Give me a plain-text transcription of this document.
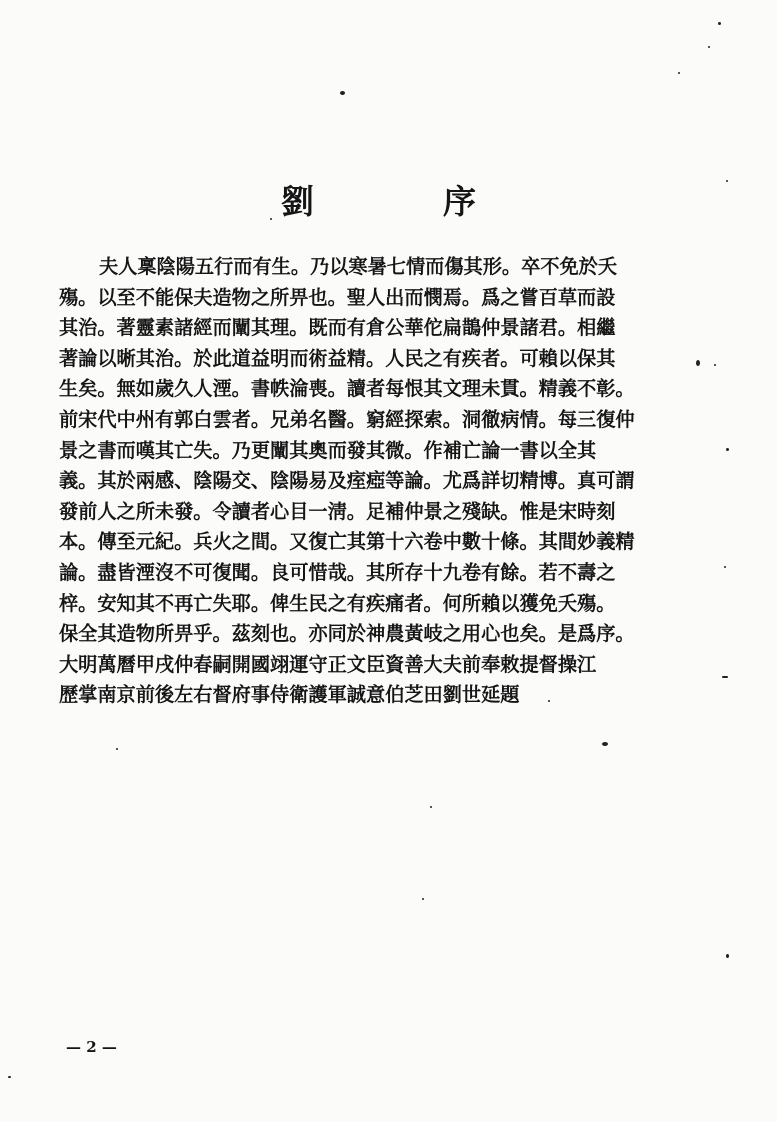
劉　序
夫人稟陰陽五行而有生。乃以寒暑七情而傷其形。卒不免於夭
殤。以至不能保夫造物之所畀也。聖人出而憫焉。爲之嘗百草而設
其治。著靈素諸經而闡其理。既而有倉公華佗扁鵲仲景諸君。相繼
著論以晰其治。於此道益明而術益精。人民之有疾者。可賴以保其
生矣。無如歲久人湮。書帙淪喪。讀者每恨其文理未貫。精義不彰。
前宋代中州有郭白雲者。兄弟名醫。窮經探索。洞徹病情。每三復仲
景之書而嘆其亡失。乃更闡其奧而發其微。作補亡論一書以全其
義。其於兩感、陰陽交、陰陽易及痓瘂等論。尤爲詳切精博。真可謂
發前人之所未發。令讀者心目一淸。足補仲景之殘缺。惟是宋時刻
本。傳至元紀。兵火之間。又復亡其第十六卷中數十條。其間妙義精
論。盡皆湮沒不可復聞。良可惜哉。其所存十九卷有餘。若不壽之
梓。安知其不再亡失耶。俾生民之有疾痛者。何所賴以獲免夭殤。
保全其造物所畀乎。茲刻也。亦同於神農黃岐之用心也矣。是爲序。
大明萬曆甲戌仲春嗣開國翊運守正文臣資善大夫前奉敕提督操江
歷掌南京前後左右督府事侍衛護軍誠意伯芝田劉世延題
— 2 —
